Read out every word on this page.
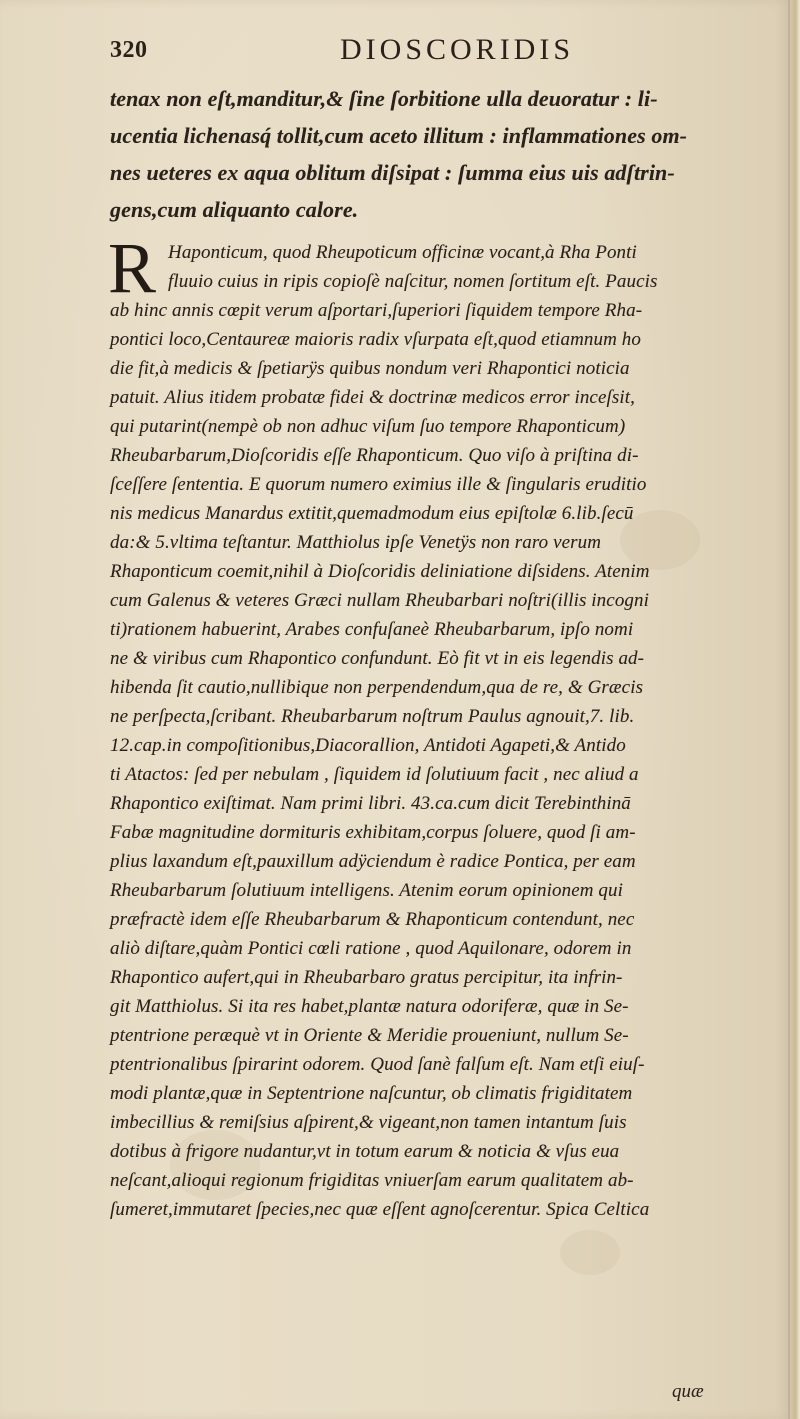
320	DIOSCORIDIS
tenax non eſt,manditur,& ſine ſorbitione ulla deuoratur : li-
ucentia lichenasq́ tollit,cum aceto illitum : inflammationes om-
nes ueteres ex aqua oblitum diſsipat : ſumma eius uis adſtrin-
gens,cum aliquanto calore.
R Haponticum, quod Rheupoticum officinæ vocant,à Rha Ponti
fluuio cuius in ripis copioſè naſcitur, nomen ſortitum eſt. Paucis
ab hinc annis cœpit verum aſportari,ſuperiori ſiquidem tempore Rha-
pontici loco,Centaureæ maioris radix vſurpata eſt,quod etiamnum ho
die fit,à medicis & ſpetiarÿs quibus nondum veri Rhapontici noticia
patuit. Alius itidem probatæ fidei & doctrinæ medicos error inceſsit,
qui putarint(nempè ob non adhuc viſum ſuo tempore Rhaponticum)
Rheubarbarum,Dioſcoridis eſſe Rhaponticum. Quo viſo à priſtina di-
ſceſſere ſententia. E quorum numero eximius ille & ſingularis eruditio
nis medicus Manardus extitit,quemadmodum eius epiſtolæ 6.lib.ſecū
da:& 5.vltima teſtantur. Matthiolus ipſe Venetÿs non raro verum
Rhaponticum coemit,nihil à Dioſcoridis deliniatione diſsidens. Atenim
cum Galenus & veteres Græci nullam Rheubarbari noſtri(illis incogni
ti)rationem habuerint, Arabes confuſaneè Rheubarbarum, ipſo nomi
ne & viribus cum Rhapontico confundunt. Eò fit vt in eis legendis ad-
hibenda ſit cautio,nullibique non perpendendum,qua de re, & Græcis
ne perſpecta,ſcribant. Rheubarbarum noſtrum Paulus agnouit,7. lib.
12.cap.in compoſitionibus,Diacorallion, Antidoti Agapeti,& Antido
ti Atactos: ſed per nebulam , ſiquidem id ſolutiuum facit , nec aliud a
Rhapontico exiſtimat. Nam primi libri. 43.ca.cum dicit Terebinthinā
Fabæ magnitudine dormituris exhibitam,corpus ſoluere, quod ſi am-
plius laxandum eſt,pauxillum adÿciendum è radice Pontica, per eam
Rheubarbarum ſolutiuum intelligens. Atenim eorum opinionem qui
præfractè idem eſſe Rheubarbarum & Rhaponticum contendunt, nec
aliò diſtare,quàm Pontici cœli ratione , quod Aquilonare, odorem in
Rhapontico aufert,qui in Rheubarbaro gratus percipitur, ita infrin-
git Matthiolus. Si ita res habet,plantæ natura odoriferæ, quæ in Se-
ptentrione peræquè vt in Oriente & Meridie proueniunt, nullum Se-
ptentrionalibus ſpirarint odorem. Quod ſanè falſum eſt. Nam etſi eiuſ-
modi plantæ,quæ in Septentrione naſcuntur, ob climatis frigiditatem
imbecillius & remiſsius aſpirent,& vigeant,non tamen intantum ſuis
dotibus à frigore nudantur,vt in totum earum & noticia & vſus eua
neſcant,alioqui regionum frigiditas vniuerſam earum qualitatem ab-
ſumeret,immutaret ſpecies,nec quæ eſſent agnoſcerentur. Spica Celtica
quæ
